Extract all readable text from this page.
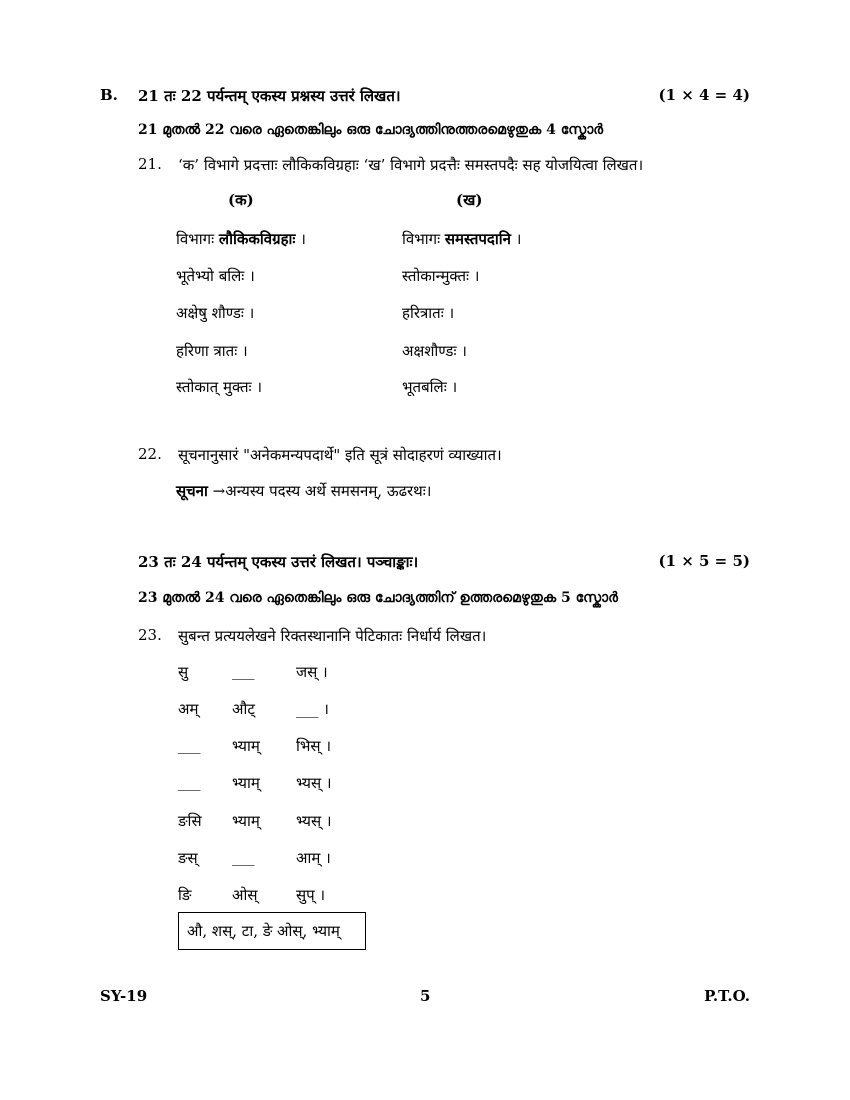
B. 21 तः 22 पर्यन्तम् एकस्य प्रश्नस्य उत्तरं लिखत।	(1 × 4 = 4)
21 മുതൽ 22 വരെ ഏതെങ്കിലും ഒരു ചോദ്യത്തിനുത്തരമെഴുതുക 4 സ്കോർ
21. ‘क’ विभागे प्रदत्ताः लौकिकविग्रहाः ‘ख’ विभागे प्रदत्तैः समस्तपदैः सह योजयित्वा लिखत।
(क)	(ख)
विभागः लौकिकविग्रहाः ।	विभागः समस्तपदानि ।
भूतेभ्यो बलिः ।	स्तोकान्मुक्तः ।
अक्षेषु शौण्डः ।	हरित्रातः ।
हरिणा त्रातः ।	अक्षशौण्डः ।
स्तोकात् मुक्तः ।	भूतबलिः ।
22. सूचनानुसारं "अनेकमन्यपदार्थे" इति सूत्रं सोदाहरणं व्याख्यात।
सूचना →अन्यस्य पदस्य अर्थे समसनम्, ऊढरथः।
23 तः 24 पर्यन्तम् एकस्य उत्तरं लिखत। पञ्चाङ्काः।	(1 × 5 = 5)
23 മുതൽ 24 വരെ ഏതെങ്കിലും ഒരു ചോദ്യത്തിന് ഉത്തരമെഴുതുക 5 സ്കോർ
23. सुबन्त प्रत्ययलेखने रिक्तस्थानानि पेटिकातः निर्धार्य लिखत।
सु	___	जस् ।
अम् औट्	___ ।
___ भ्याम् भिस् ।
___ भ्याम् भ्यस् ।
ङसि भ्याम् भ्यस् ।
ङस् ___	आम् ।
ङि	ओस्	सुप् ।
औ, शस्, टा, ङे ओस्, भ्याम्
SY-19	5	P.T.O.
